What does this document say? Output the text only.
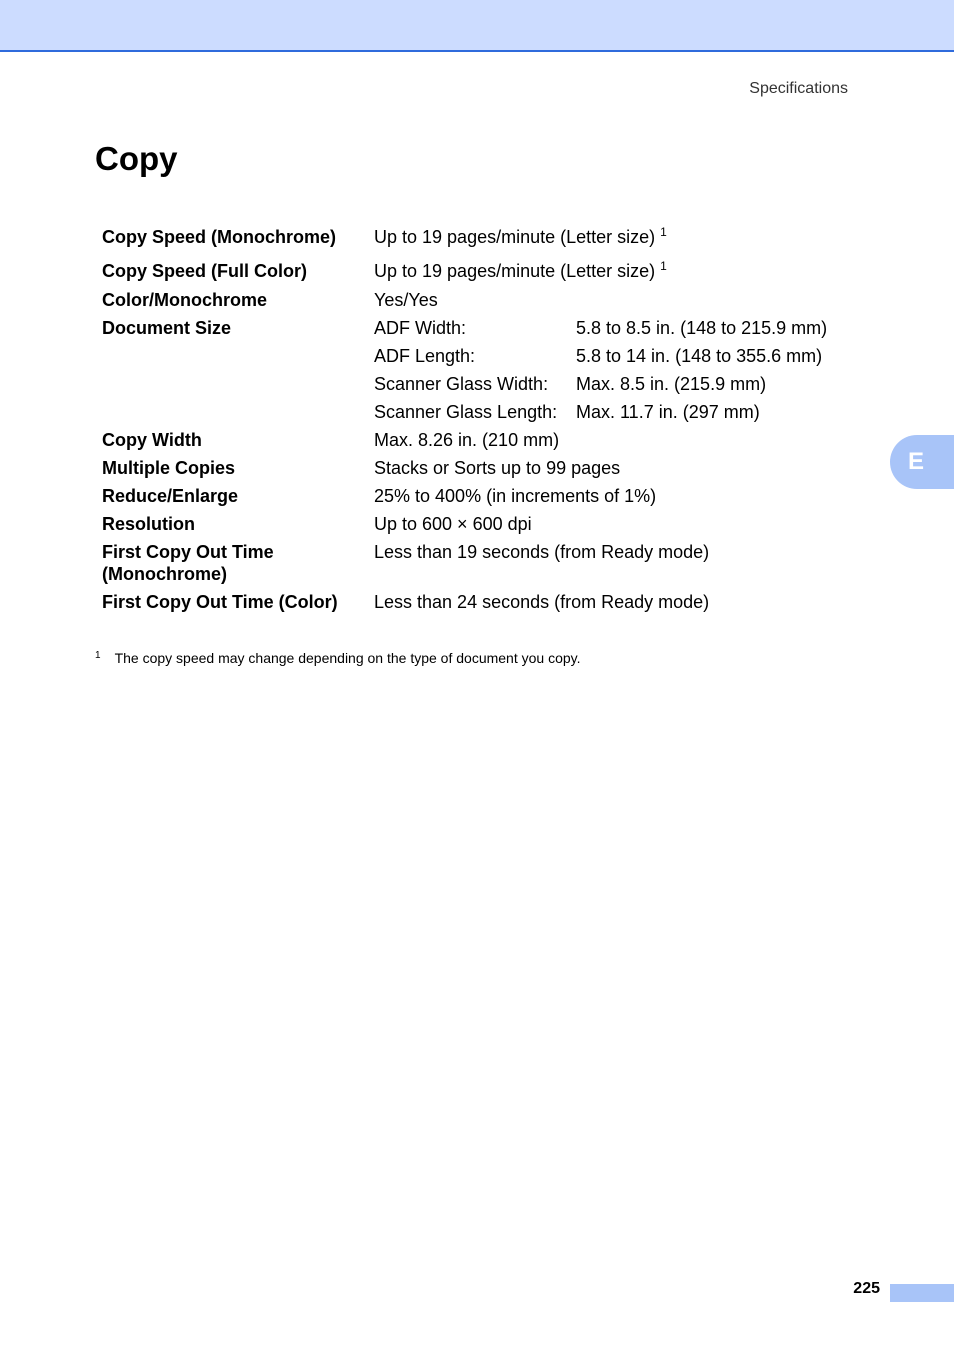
Specifications
Copy
Copy Speed (Monochrome)	Up to 19 pages/minute (Letter size) $^1$
Copy Speed (Full Color)	Up to 19 pages/minute (Letter size) $^1$
Color/Monochrome	Yes/Yes	
Document Size	ADF Width:	5.8 to 8.5 in. (148 to 215.9 mm)
	ADF Length:	5.8 to 14 in. (148 to 355.6 mm)
	Scanner Glass Width:	Max. 8.5 in. (215.9 mm)
	Scanner Glass Length:	Max. 11.7 in. (297 mm)
Copy Width	Max. 8.26 in. (210 mm)	
Multiple Copies	Stacks or Sorts up to 99 pages	
Reduce/Enlarge	25% to 400% (in increments of 1%)	
Resolution	Up to 600 × 600 dpi	
First Copy Out Time
(Monochrome)	Less than 19 seconds (from Ready mode)	
First Copy Out Time (Color)	Less than 24 seconds (from Ready mode)	
$^1$ The copy speed may change depending on the type of document you copy.
E
225
